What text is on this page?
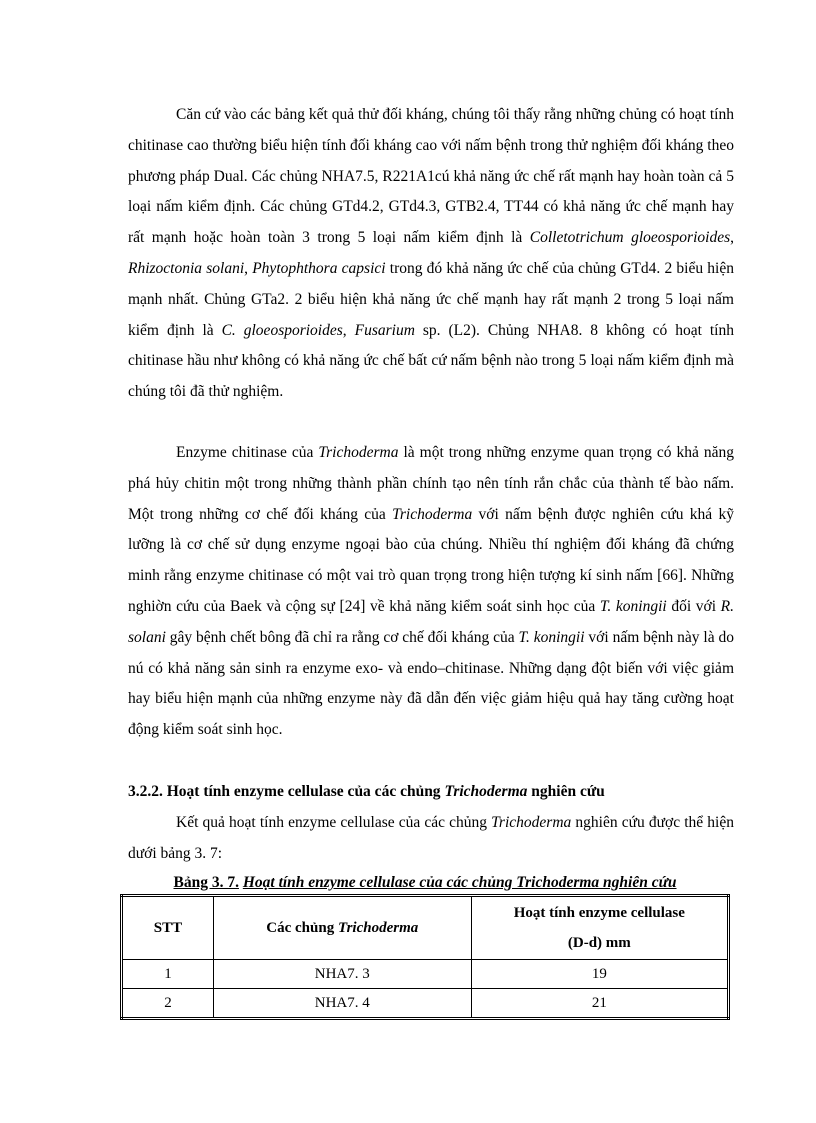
Căn cứ vào các bảng kết quả thử đối kháng, chúng tôi thấy rằng những chủng có hoạt tính chitinase cao thường biểu hiện tính đối kháng cao với nấm bệnh trong thử nghiệm đối kháng theo phương pháp Dual. Các chủng NHA7.5, R221A1cú khả năng ức chế rất mạnh hay hoàn toàn cả 5 loại nấm kiểm định. Các chủng GTd4.2, GTd4.3, GTB2.4, TT44 có khả năng ức chế mạnh hay rất mạnh hoặc hoàn toàn 3 trong 5 loại nấm kiểm định là Colletotrichum gloeosporioides, Rhizoctonia solani, Phytophthora capsici trong đó khả năng ức chế của chủng GTd4. 2 biểu hiện mạnh nhất. Chủng GTa2. 2 biểu hiện khả năng ức chế mạnh hay rất mạnh 2 trong 5 loại nấm kiểm định là C. gloeosporioides, Fusarium sp. (L2). Chủng NHA8. 8 không có hoạt tính chitinase hầu như không có khả năng ức chế bất cứ nấm bệnh nào trong 5 loại nấm kiểm định mà chúng tôi đã thử nghiệm.

Enzyme chitinase của Trichoderma là một trong những enzyme quan trọng có khả năng phá hủy chitin một trong những thành phần chính tạo nên tính rắn chắc của thành tế bào nấm. Một trong những cơ chế đối kháng của Trichoderma với nấm bệnh được nghiên cứu khá kỹ lưỡng là cơ chế sử dụng enzyme ngoại bào của chúng. Nhiều thí nghiệm đối kháng đã chứng minh rằng enzyme chitinase có một vai trò quan trọng trong hiện tượng kí sinh nấm [66]. Những nghiờn cứu của Baek và cộng sự [24] về khả năng kiểm soát sinh học của T. koningii đối với R. solani gây bệnh chết bông đã chỉ ra rằng cơ chế đối kháng của T. koningii với nấm bệnh này là do nú có khả năng sản sinh ra enzyme exo- và endo–chitinase. Những dạng đột biến với việc giảm hay biểu hiện mạnh của những enzyme này đã dẫn đến việc giảm hiệu quả hay tăng cường hoạt động kiểm soát sinh học.

3.2.2. Hoạt tính enzyme cellulase của các chủng Trichoderma nghiên cứu

Kết quả hoạt tính enzyme cellulase của các chủng Trichoderma nghiên cứu được thể hiện dưới bảng 3. 7:

Bảng 3. 7. Hoạt tính enzyme cellulase của các chủng Trichoderma nghiên cứu

STT	Các chủng Trichoderma	Hoạt tính enzyme cellulase
(D-d) mm
1	NHA7. 3	19
2	NHA7. 4	21
